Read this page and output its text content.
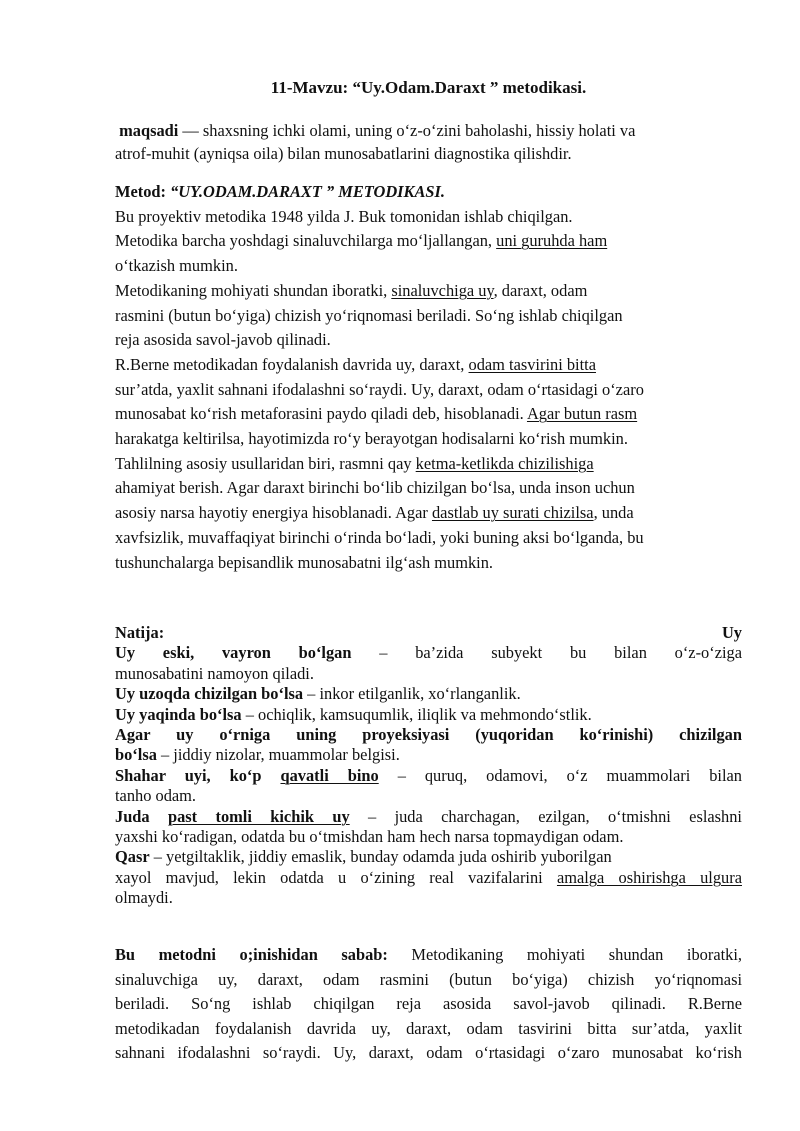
11-Mavzu: “Uy.Odam.Daraxt ” metodikasi.
maqsadi — shaxsning ichki olami, uning o‘z-o‘zini baholashi, hissiy holati va
atrof-muhit (ayniqsa oila) bilan munosabatlarini diagnostika qilishdir.
Metod: “UY.ODAM.DARAXT ” METODIKASI.
Bu proyektiv metodika 1948 yilda J. Buk tomonidan ishlab chiqilgan.
Metodika barcha yoshdagi sinaluvchilarga mo‘ljallangan, uni guruhda ham
o‘tkazish mumkin.
Metodikaning mohiyati shundan iboratki, sinaluvchiga uy, daraxt, odam
rasmini (butun bo‘yiga) chizish yo‘riqnomasi beriladi. So‘ng ishlab chiqilgan
reja asosida savol-javob qilinadi.
R.Berne metodikadan foydalanish davrida uy, daraxt, odam tasvirini bitta
sur’atda, yaxlit sahnani ifodalashni so‘raydi. Uy, daraxt, odam o‘rtasidagi o‘zaro
munosabat ko‘rish metaforasini paydo qiladi deb, hisoblanadi. Agar butun rasm
harakatga keltirilsa, hayotimizda ro‘y berayotgan hodisalarni ko‘rish mumkin.
Tahlilning asosiy usullaridan biri, rasmni qay ketma-ketlikda chizilishiga
ahamiyat berish. Agar daraxt birinchi bo‘lib chizilgan bo‘lsa, unda inson uchun
asosiy narsa hayotiy energiya hisoblanadi. Agar dastlab uy surati chizilsa, unda
xavfsizlik, muvaffaqiyat birinchi o‘rinda bo‘ladi, yoki buning aksi bo‘lganda, bu
tushunchalarga bepisandlik munosabatni ilg‘ash mumkin.
Natija:	Uy
Uy eski, vayron bo‘lgan – ba’zida subyekt bu bilan o‘z-o‘ziga
munosabatini namoyon qiladi.
Uy uzoqda chizilgan bo‘lsa – inkor etilganlik, xo‘rlanganlik.
Uy yaqinda bo‘lsa – ochiqlik, kamsuqumlik, iliqlik va mehmondo‘stlik.
Agar uy o‘rniga uning proyeksiyasi (yuqoridan ko‘rinishi) chizilgan
bo‘lsa – jiddiy nizolar, muammolar belgisi.
Shahar uyi, ko‘p qavatli bino – quruq, odamovi, o‘z muammolari bilan
tanho odam.
Juda past tomli kichik uy – juda charchagan, ezilgan, o‘tmishni eslashni
yaxshi ko‘radigan, odatda bu o‘tmishdan ham hech narsa topmaydigan odam.
Qasr – yetgiltaklik, jiddiy emaslik, bunday odamda juda oshirib yuborilgan
xayol mavjud, lekin odatda u o‘zining real vazifalarini amalga oshirishga ulgura
olmaydi.
Bu metodni o;inishidan sabab: Metodikaning mohiyati shundan iboratki,
sinaluvchiga uy, daraxt, odam rasmini (butun bo‘yiga) chizish yo‘riqnomasi
beriladi. So‘ng ishlab chiqilgan reja asosida savol-javob qilinadi. R.Berne
metodikadan foydalanish davrida uy, daraxt, odam tasvirini bitta sur’atda, yaxlit
sahnani ifodalashni so‘raydi. Uy, daraxt, odam o‘rtasidagi o‘zaro munosabat ko‘rish
